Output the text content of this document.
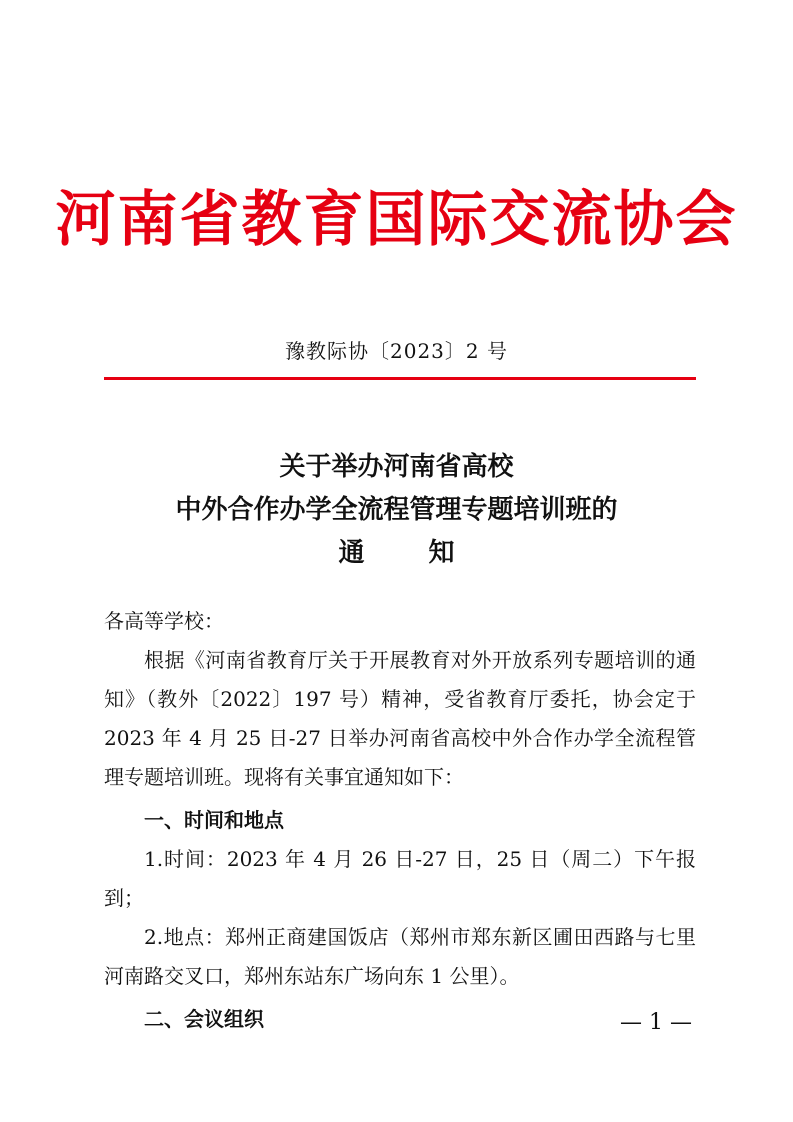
河南省教育国际交流协会
豫教际协〔2023〕2 号
关于举办河南省高校
中外合作办学全流程管理专题培训班的
通知

各高等学校：

根据《河南省教育厅关于开展教育对外开放系列专题培训的通知》（教外〔2022〕197 号）精神，受省教育厅委托，协会定于 2023 年 4 月 25 日-27 日举办河南省高校中外合作办学全流程管理专题培训班。现将有关事宜通知如下：

一、时间和地点

1.时间：2023 年 4 月 26 日-27 日，25 日（周二）下午报到；

2.地点：郑州正商建国饭店（郑州市郑东新区圃田西路与七里河南路交叉口，郑州东站东广场向东 1 公里）。

二、会议组织	— 1 —
